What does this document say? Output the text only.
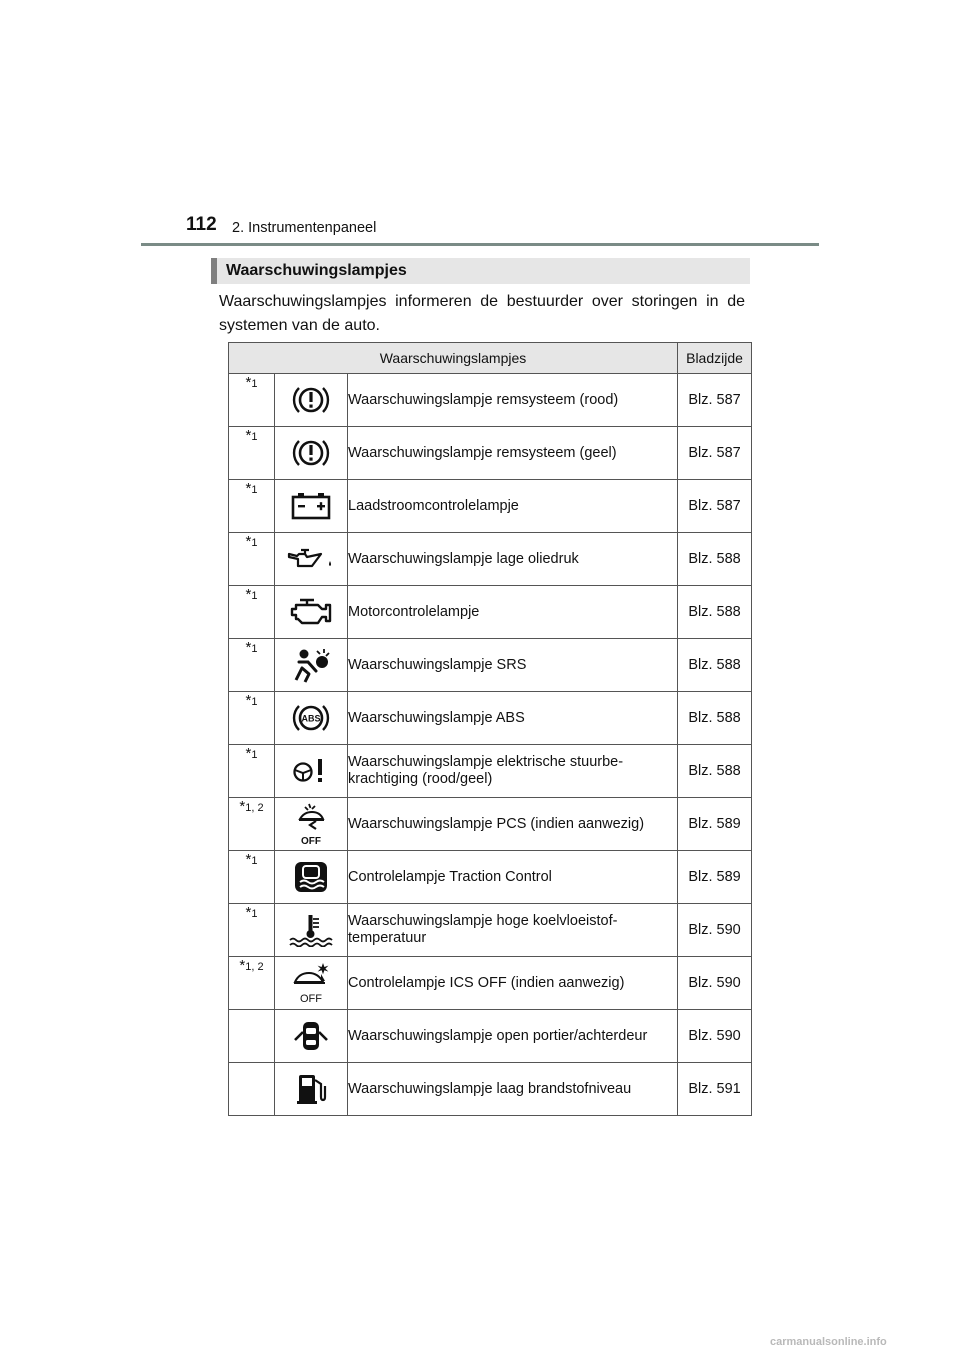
112 2. Instrumentenpaneel
Waarschuwingslampjes
Waarschuwingslampjes informeren de bestuurder over storingen in de systemen van de auto.
Waarschuwingslampjes			Bladzijde
*1		Waarschuwingslampje remsysteem (rood)	Blz. 587
*1		Waarschuwingslampje remsysteem (geel)	Blz. 587
*1		Laadstroomcontrolelampje	Blz. 587
*1		Waarschuwingslampje lage oliedruk	Blz. 588
*1		Motorcontrolelampje	Blz. 588
*1		Waarschuwingslampje SRS	Blz. 588
*1	ABS	Waarschuwingslampje ABS	Blz. 588
*1		Waarschuwingslampje elektrische stuurbe-
krachtiging (rood/geel)	Blz. 588
*1, 2	OFF	Waarschuwingslampje PCS (indien aanwezig)	Blz. 589
*1		Controlelampje Traction Control	Blz. 589
*1		Waarschuwingslampje hoge koelvloeistof-
temperatuur	Blz. 590
*1, 2	OFF	Controlelampje ICS OFF (indien aanwezig)	Blz. 590
		Waarschuwingslampje open portier/achterdeur	Blz. 590
		Waarschuwingslampje laag brandstofniveau	Blz. 591
carmanualsonline.info
